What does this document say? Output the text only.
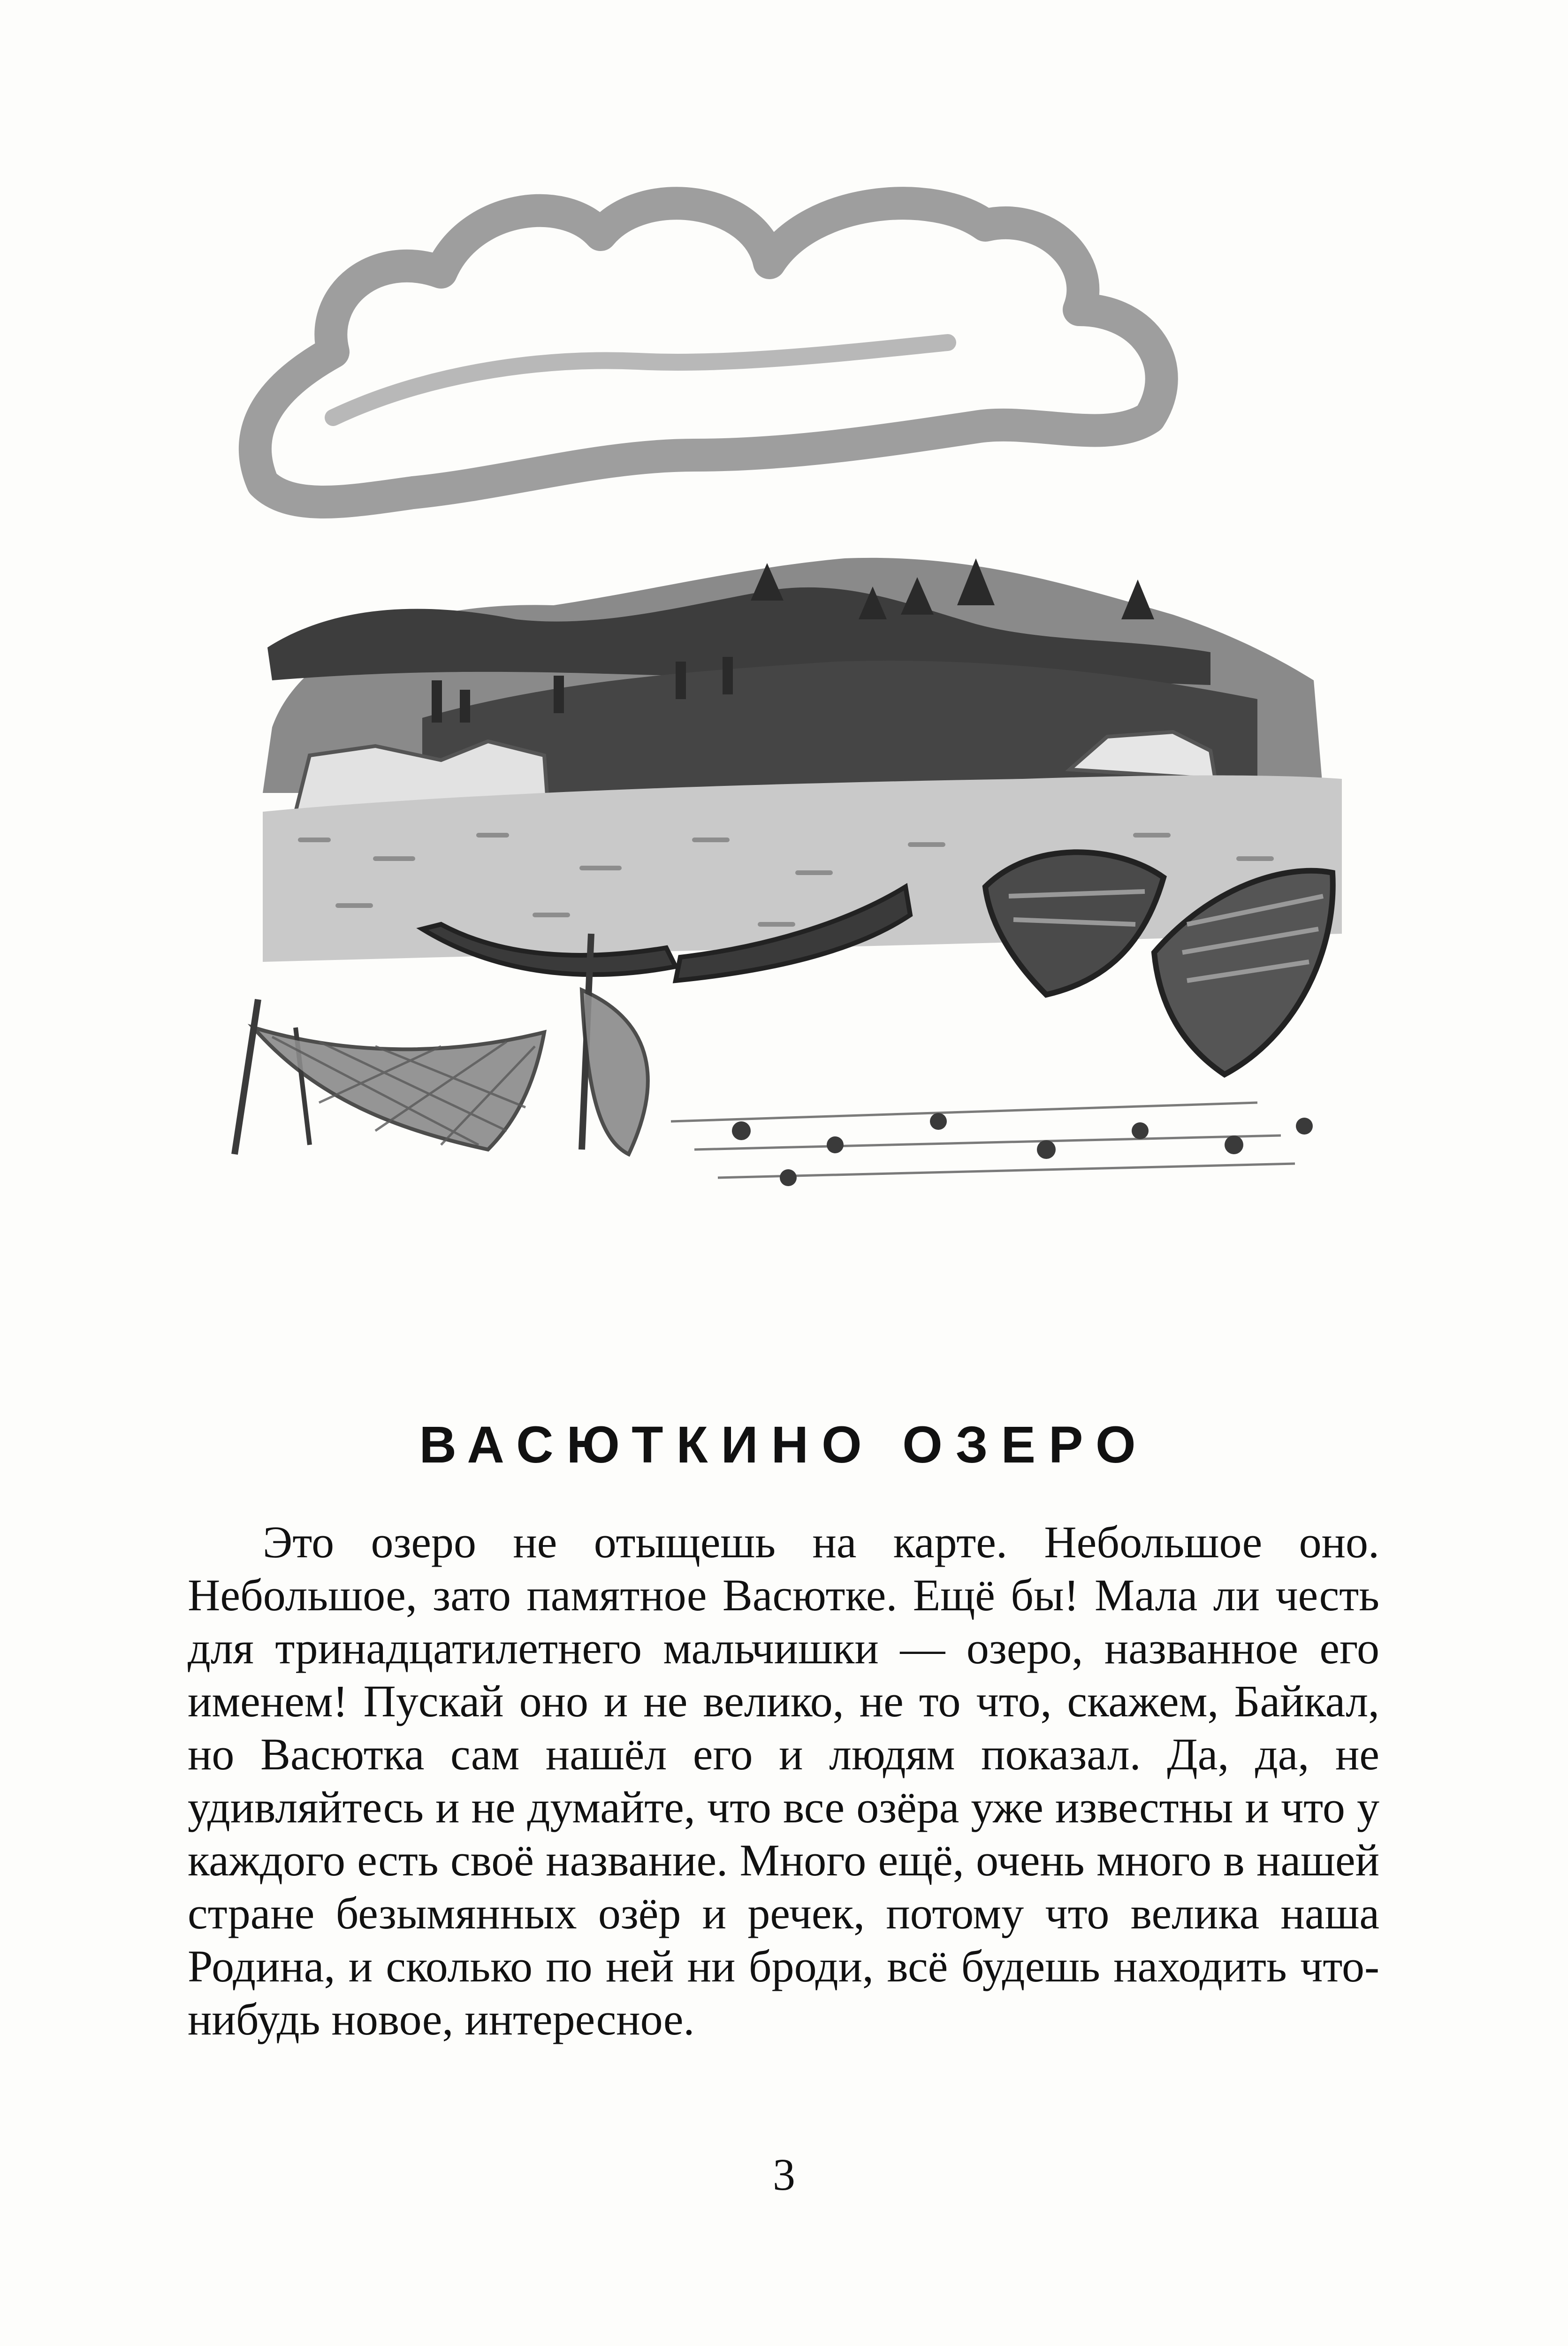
ВАСЮТКИНО ОЗЕРО

Это озеро не отыщешь на карте. Небольшое оно. Небольшое, зато памятное Васютке. Ещё бы! Мала ли честь для тринадцатилетнего мальчишки — озеро, названное его именем! Пускай оно и не велико, не то что, скажем, Байкал, но Васютка сам нашёл его и людям показал. Да, да, не удивляйтесь и не думайте, что все озёра уже известны и что у каждого есть своё название. Много ещё, очень много в нашей стране безымянных озёр и речек, потому что велика наша Родина, и сколько по ней ни броди, всё будешь находить что-нибудь новое, интересное.

3
